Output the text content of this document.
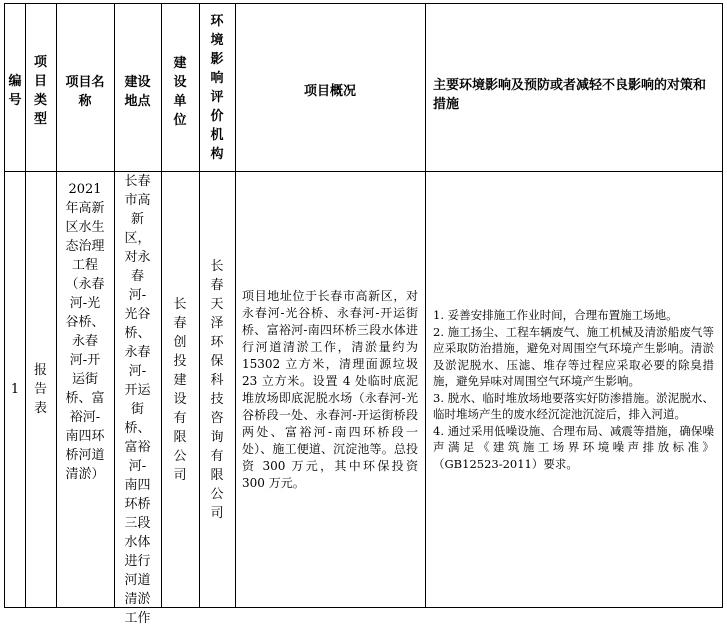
编号
项目类型
项目名称
建设地点
建设单位
环境影响评价机构
项目概况	主要环境影响及预防或者减轻不良影响的对策和措施
1
报告表
2021年高新区水生态治理工程（永春河-光谷桥、永春河-开运街桥、富裕河-南四环桥河道清淤）
长春市高新区，对永春河-光谷桥、永春河-开运街桥、富裕河-南四环桥三段水体进行河道清淤工作
长春创投建设有限公司
长春天泽环保科技咨询有限公司
项目地址位于长春市高新区，对永春河-光谷桥、永春河-开运街桥、富裕河-南四环桥三段水体进行河道清淤工作，清淤量约为 15302 立方米，清理面源垃圾 23 立方米。设置 4 处临时底泥堆放场即底泥脱水场（永春河-光谷桥段一处、永春河-开运街桥段两处、富裕河-南四环桥段一处）、施工便道、沉淀池等。总投资 300 万元，其中环保投资 300 万元。
1. 妥善安排施工作业时间，合理布置施工场地。
2. 施工扬尘、工程车辆废气、施工机械及清淤船废气等应采取防治措施，避免对周围空气环境产生影响。清淤及淤泥脱水、压滤、堆存等过程应采取必要的除臭措施，避免异味对周围空气环境产生影响。
3. 脱水、临时堆放场地要落实好防渗措施。淤泥脱水、临时堆场产生的废水经沉淀池沉淀后，排入河道。
4. 通过采用低噪设施、合理布局、减震等措施，确保噪声满足《建筑施工场界环境噪声排放标准》（GB12523-2011）要求。
